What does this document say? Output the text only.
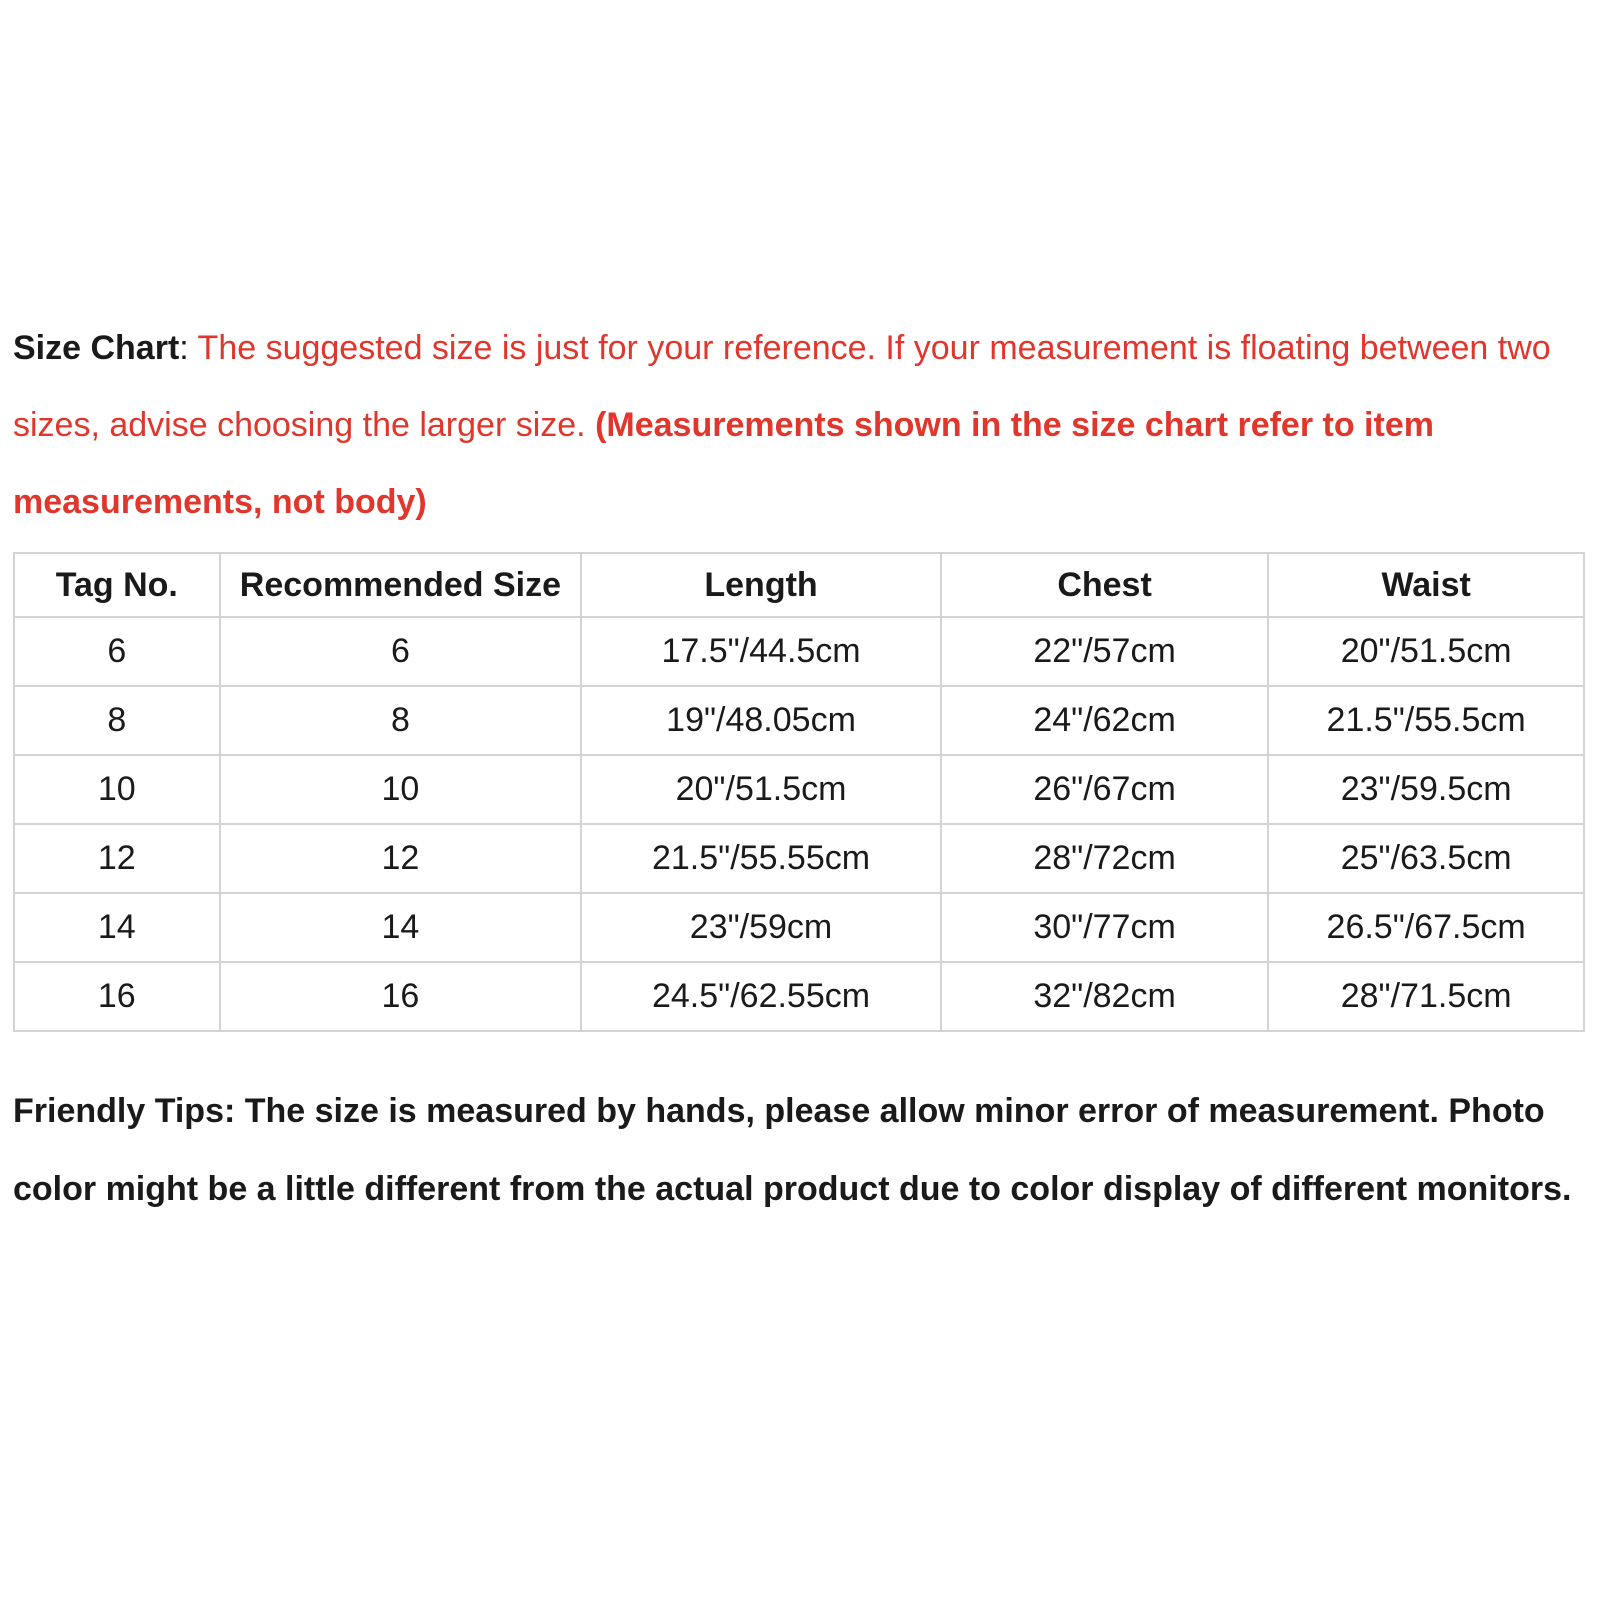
Size Chart: The suggested size is just for your reference. If your measurement is floating between two sizes, advise choosing the larger size. (Measurements shown in the size chart refer to item measurements, not body)
Tag No.	Recommended Size	Length	Chest	Waist
6	6	17.5"/44.5cm	22"/57cm	20"/51.5cm
8	8	19"/48.05cm	24"/62cm	21.5"/55.5cm
10	10	20"/51.5cm	26"/67cm	23"/59.5cm
12	12	21.5"/55.55cm	28"/72cm	25"/63.5cm
14	14	23"/59cm	30"/77cm	26.5"/67.5cm
16	16	24.5"/62.55cm	32"/82cm	28"/71.5cm
Friendly Tips: The size is measured by hands, please allow minor error of measurement. Photo color might be a little different from the actual product due to color display of different monitors.
